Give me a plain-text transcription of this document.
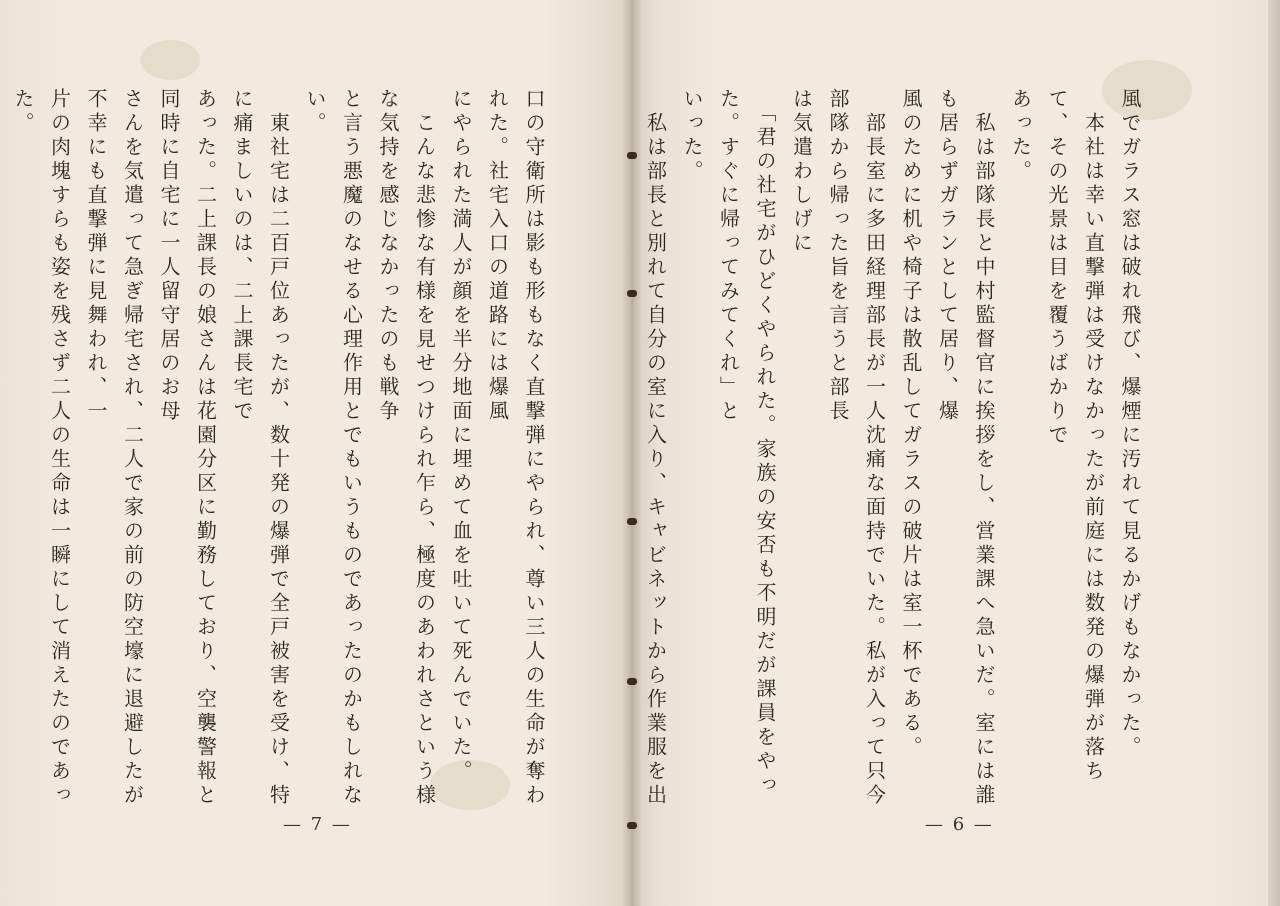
口の守衛所は影も形もなく直撃弾にやられ、尊い三人の生命が奪われた。社宅入口の道路には爆風
にやられた満人が顔を半分地面に埋めて血を吐いて死んでいた。
　こんな悲惨な有様を見せつけられ乍ら、極度のあわれさという様な気持を感じなかったのも戦争
と言う悪魔のなせる心理作用とでもいうものであったのかもしれない。
　東社宅は二百戸位あったが、数十発の爆弾で全戸被害を受け、特に痛ましいのは、二上課長宅で
あった。二上課長の娘さんは花園分区に勤務しており、空襲警報と同時に自宅に一人留守居のお母
さんを気遣って急ぎ帰宅され、二人で家の前の防空壕に退避したが不幸にも直撃弾に見舞われ、一
片の肉塊すらも姿を残さず二人の生命は一瞬にして消えたのであった。

— 7 —
風でガラス窓は破れ飛び、爆煙に汚れて見るかげもなかった。
　本社は幸い直撃弾は受けなかったが前庭には数発の爆弾が落ちて、その光景は目を覆うばかりで
あった。
　私は部隊長と中村監督官に挨拶をし、営業課へ急いだ。室には誰も居らずガランとして居り、爆
風のために机や椅子は散乱してガラスの破片は室一杯である。
　部長室に多田経理部長が一人沈痛な面持でいた。私が入って只今部隊から帰った旨を言うと部長
は気遣わしげに
　「君の社宅がひどくやられた。家族の安否も不明だが課員をやった。すぐに帰ってみてくれ」と
いった。
　私は部長と別れて自分の室に入り、キャビネットから作業服を出

— 6 —
